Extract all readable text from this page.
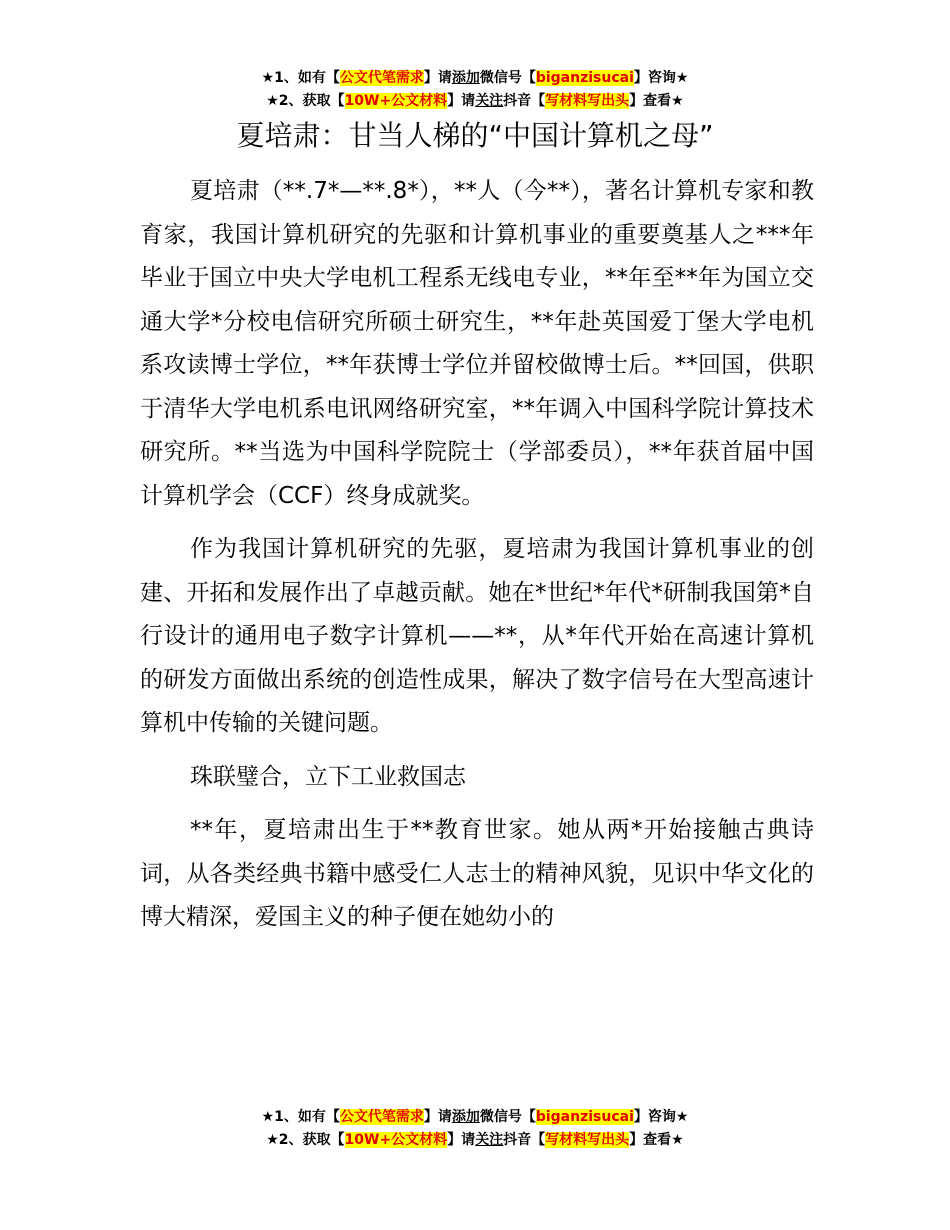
★1、如有【公文代笔需求】请添加微信号【biganzisucai】咨询★
★2、获取【10W+公文材料】请关注抖音【写材料写出头】查看★
夏培肃：甘当人梯的“中国计算机之母”

夏培肃（**.7*—**.8*），**人（今**），著名计算机专家和教育家，我国计算机研究的先驱和计算机事业的重要奠基人之***年毕业于国立中央大学电机工程系无线电专业，**年至**年为国立交通大学*分校电信研究所硕士研究生，**年赴英国爱丁堡大学电机系攻读博士学位，**年获博士学位并留校做博士后。**回国，供职于清华大学电机系电讯网络研究室，**年调入中国科学院计算技术研究所。**当选为中国科学院院士（学部委员），**年获首届中国计算机学会（CCF）终身成就奖。

作为我国计算机研究的先驱，夏培肃为我国计算机事业的创建、开拓和发展作出了卓越贡献。她在*世纪*年代*研制我国第*自行设计的通用电子数字计算机——**，从*年代开始在高速计算机的研发方面做出系统的创造性成果，解决了数字信号在大型高速计算机中传输的关键问题。

珠联璧合，立下工业救国志

**年，夏培肃出生于**教育世家。她从两*开始接触古典诗词，从各类经典书籍中感受仁人志士的精神风貌，见识中华文化的博大精深，爱国主义的种子便在她幼小的

★1、如有【公文代笔需求】请添加微信号【biganzisucai】咨询★
★2、获取【10W+公文材料】请关注抖音【写材料写出头】查看★
